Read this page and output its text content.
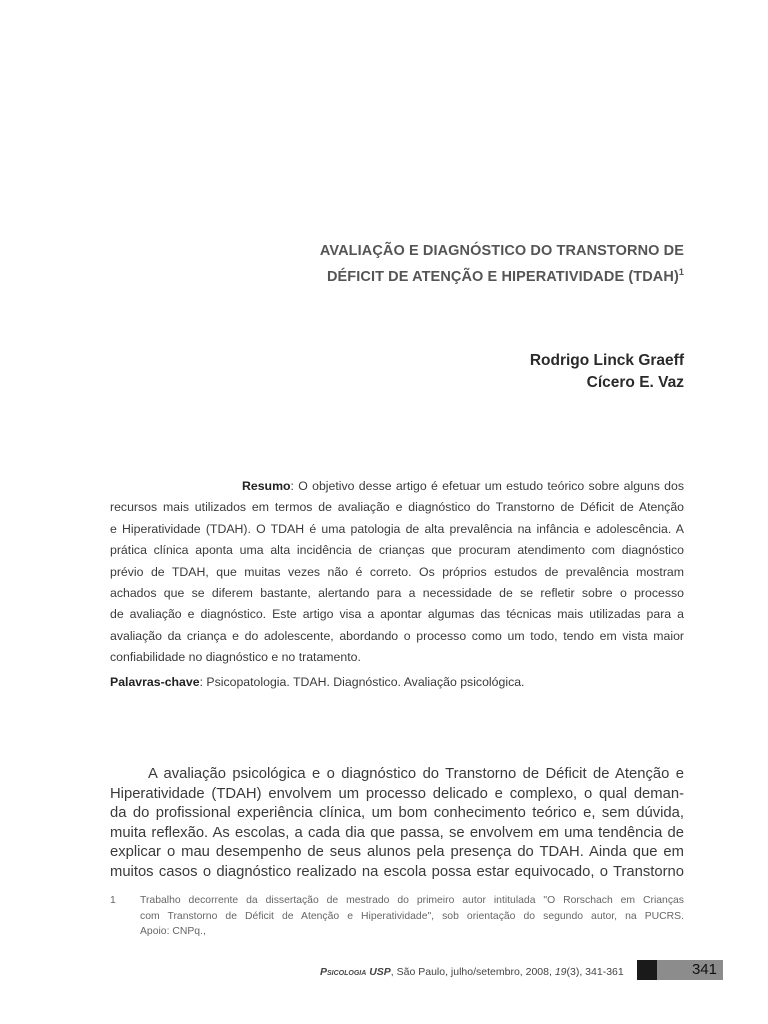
AVALIAÇÃO E DIAGNÓSTICO DO TRANSTORNO DE
DÉFICIT DE ATENÇÃO E HIPERATIVIDADE (TDAH)$^1$
Rodrigo Linck Graeff
Cícero E. Vaz
Resumo: O objetivo desse artigo é efetuar um estudo teórico sobre alguns dos
recursos mais utilizados em termos de avaliação e diagnóstico do Transtorno de Déficit de Atenção
e Hiperatividade (TDAH). O TDAH é uma patologia de alta prevalência na infância e adolescência. A
prática clínica aponta uma alta incidência de crianças que procuram atendimento com diagnóstico
prévio de TDAH, que muitas vezes não é correto. Os próprios estudos de prevalência mostram
achados que se diferem bastante, alertando para a necessidade de se refletir sobre o processo
de avaliação e diagnóstico. Este artigo visa a apontar algumas das técnicas mais utilizadas para a
avaliação da criança e do adolescente, abordando o processo como um todo, tendo em vista maior
confiabilidade no diagnóstico e no tratamento.
Palavras-chave: Psicopatologia. TDAH. Diagnóstico. Avaliação psicológica.
A avaliação psicológica e o diagnóstico do Transtorno de Déficit de Atenção e
Hiperatividade (TDAH) envolvem um processo delicado e complexo, o qual deman-
da do profissional experiência clínica, um bom conhecimento teórico e, sem dúvida,
muita reflexão. As escolas, a cada dia que passa, se envolvem em uma tendência de
explicar o mau desempenho de seus alunos pela presença do TDAH. Ainda que em
muitos casos o diagnóstico realizado na escola possa estar equivocado, o Transtorno
1 Trabalho decorrente da dissertação de mestrado do primeiro autor intitulada "O Rorschach em Crianças
com Transtorno de Déficit de Atenção e Hiperatividade", sob orientação do segundo autor, na PUCRS.
Apoio: CNPq.,
Psicologia USP, São Paulo, julho/setembro, 2008, 19(3), 341-361	341
